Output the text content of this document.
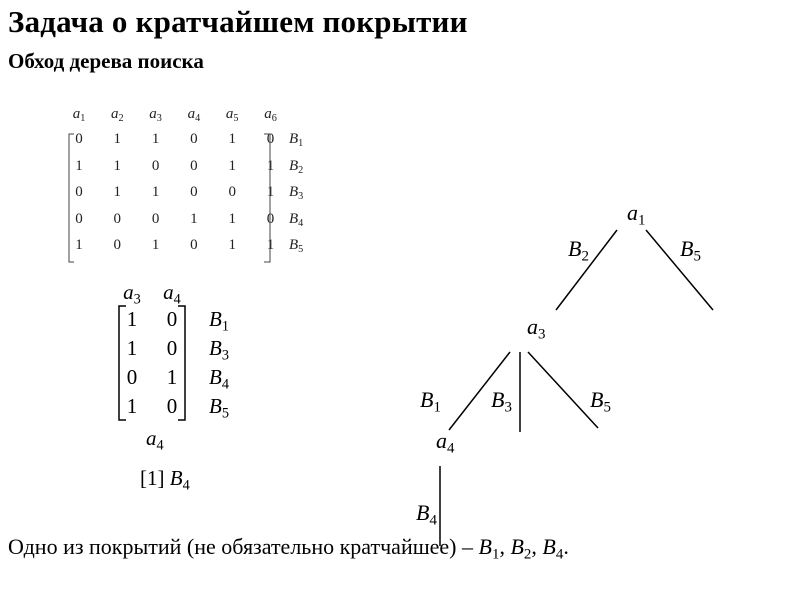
Задача о кратчайшем покрытии
Обход дерева поиска
$a_1$ $a_2$ $a_3$ $a_4$ $a_5$ $a_6$
0	1	1	0	1	0 $B_1$
1	1	0	0	1	1 $B_2$
0	1	1	0	0	1 $B_3$
0	0	0	1	1	0 $B_4$
1	0	1	0	1	1 $B_5$
$a_3$ $a_4$
1	0	$B_1$
1	0	$B_3$
0	1	$B_4$
1	0	$B_5$
$a_4$
[1] $B_4$
$a_1$
$B_2$	$B_5$
$a_3$
$B_1$ $B_3$	$B_5$
$a_4$
$B_4$
Одно из покрытий (не обязательно кратчайшее) – $B_1$, $B_2$, $B_4$.
